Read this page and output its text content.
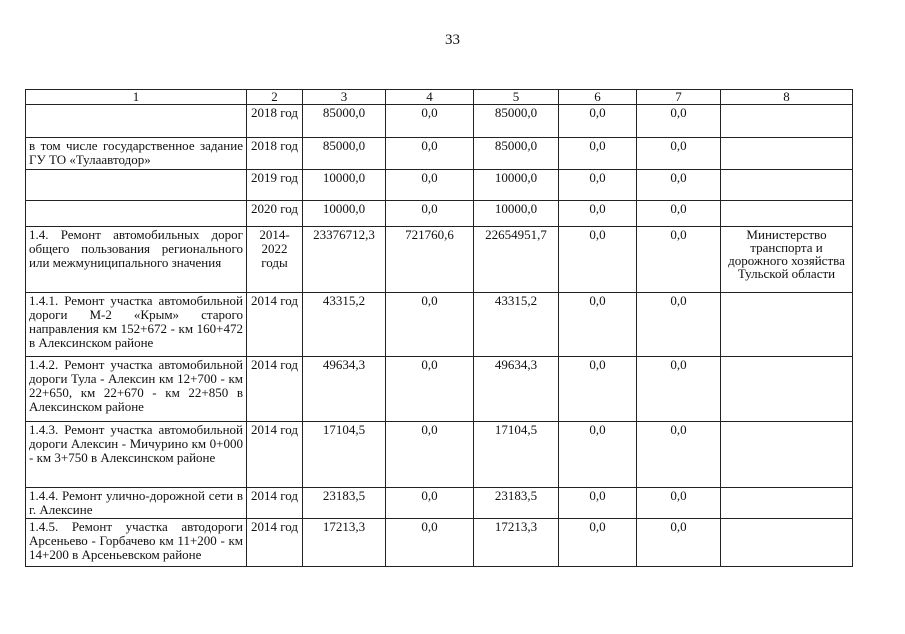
33
1	2	3	4	5	6	7	8
	2018 год	85000,0	0,0	85000,0	0,0	0,0	
в том числе государственное задание ГУ ТО «Тулаавтодор»	2018 год	85000,0	0,0	85000,0	0,0	0,0	
	2019 год	10000,0	0,0	10000,0	0,0	0,0	
	2020 год	10000,0	0,0	10000,0	0,0	0,0	
1.4. Ремонт автомобильных дорог общего пользования регионального или межмуниципального значения	2014-2022 годы	23376712,3	721760,6	22654951,7	0,0	0,0	Министерство транспорта и дорожного хозяйства Тульской области
1.4.1. Ремонт участка автомобильной дороги М-2 «Крым» старого направления км 152+672 - км 160+472 в Алексинском районе	2014 год	43315,2	0,0	43315,2	0,0	0,0	
1.4.2. Ремонт участка автомобильной дороги Тула - Алексин км 12+700 - км 22+650, км 22+670 - км 22+850 в Алексинском районе	2014 год	49634,3	0,0	49634,3	0,0	0,0	
1.4.3. Ремонт участка автомобильной дороги Алексин - Мичурино км 0+000 - км 3+750 в Алексинском районе	2014 год	17104,5	0,0	17104,5	0,0	0,0	
1.4.4. Ремонт улично-дорожной сети в г. Алексине	2014 год	23183,5	0,0	23183,5	0,0	0,0	
1.4.5. Ремонт участка автодороги Арсеньево - Горбачево км 11+200 - км 14+200 в Арсеньевском районе	2014 год	17213,3	0,0	17213,3	0,0	0,0	
